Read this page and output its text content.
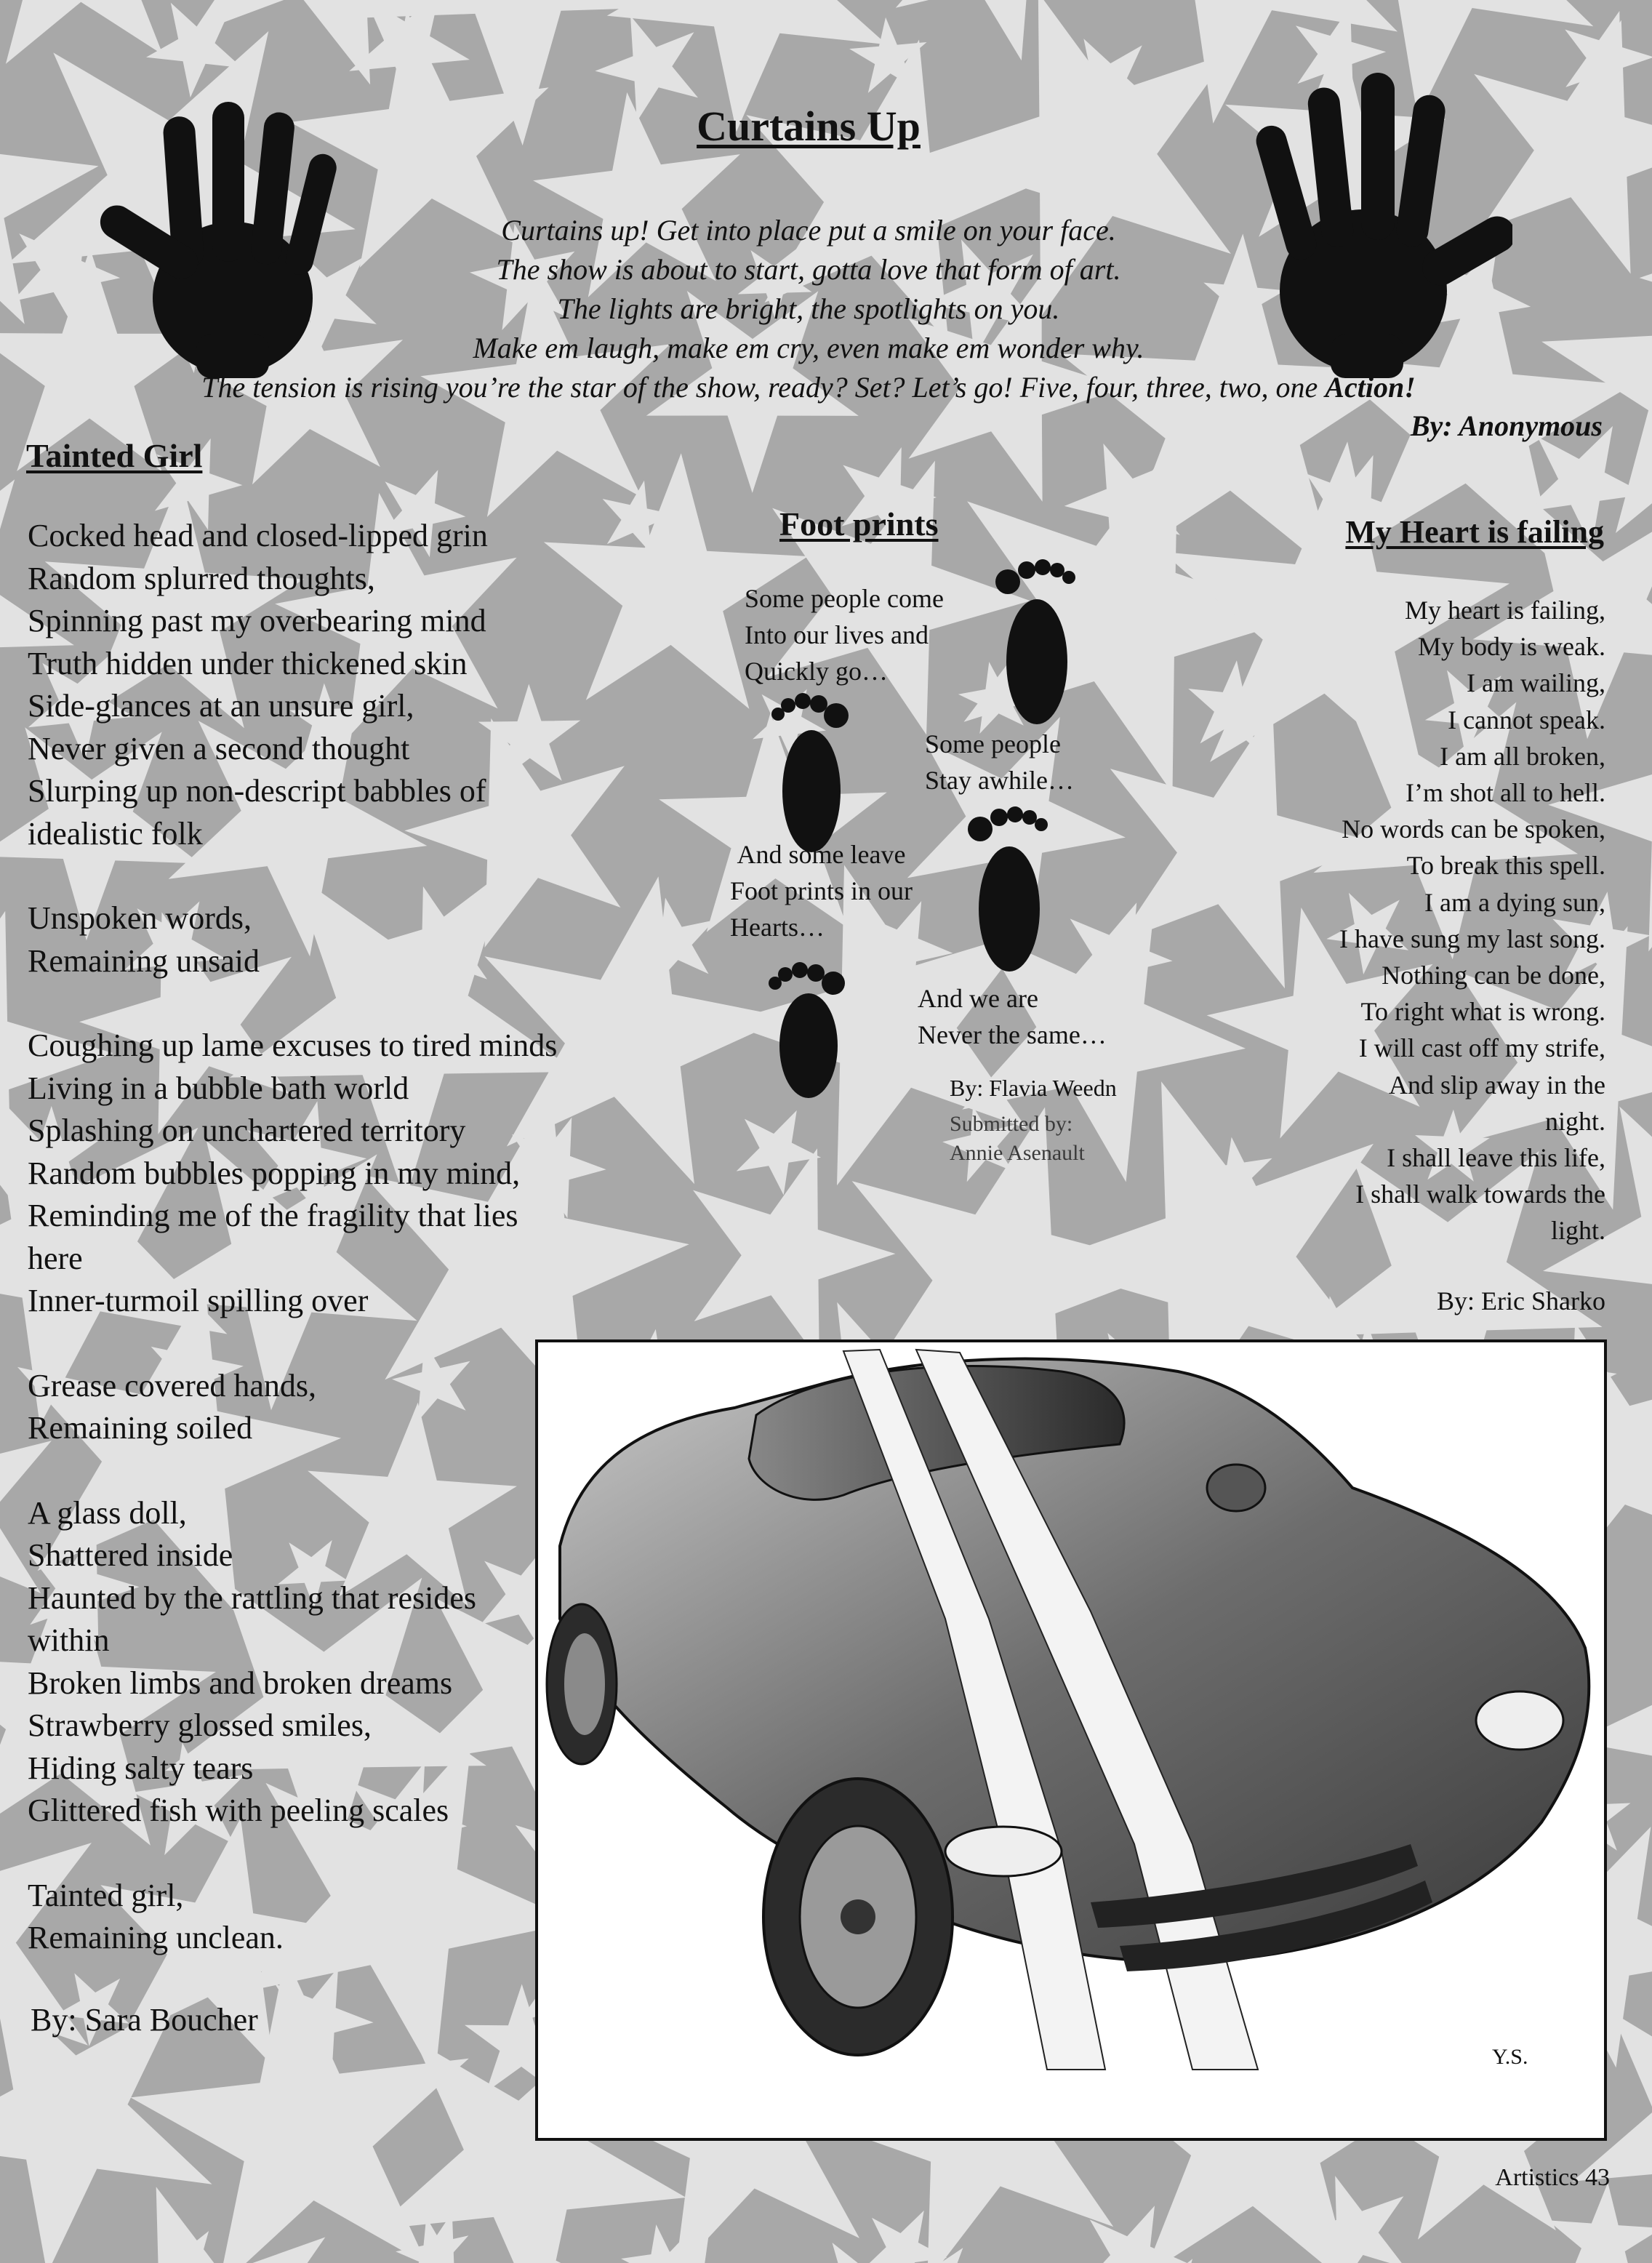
Curtains Up
Curtains up! Get into place put a smile on your face.
The show is about to start, gotta love that form of art.
The lights are bright, the spotlights on you.
Make em laugh, make em cry, even make em wonder why.
The tension is rising you’re the star of the show, ready? Set? Let’s go! Five, four, three, two, one Action!
By: Anonymous
Tainted Girl
Cocked head and closed-lipped grin
Random splurred thoughts,
Spinning past my overbearing mind
Truth hidden under thickened skin
Side-glances at an unsure girl,
Never given a second thought
Slurping up non-descript babbles of
idealistic folk
Unspoken words,
Remaining unsaid
Coughing up lame excuses to tired minds
Living in a bubble bath world
Splashing on unchartered territory
Random bubbles popping in my mind,
Reminding me of the fragility that lies
here
Inner-turmoil spilling over
Grease covered hands,
Remaining soiled
A glass doll,
Shattered inside
Haunted by the rattling that resides
within
Broken limbs and broken dreams
Strawberry glossed smiles,
Hiding salty tears
Glittered fish with peeling scales
Tainted girl,
Remaining unclean.
By: Sara Boucher
Foot prints
Some people come
Into our lives and
Quickly go…
Some people
Stay awhile…
And some leave
Foot prints in our
Hearts…
And we are
Never the same…
By: Flavia Weedn
Submitted by:
Annie Asenault
My Heart is failing
My heart is failing,
My body is weak.
I am wailing,
I cannot speak.
I am all broken,
I’m shot all to hell.
No words can be spoken,
To break this spell.
I am a dying sun,
I have sung my last song.
Nothing can be done,
To right what is wrong.
I will cast off my strife,
And slip away in the
night.
I shall leave this life,
I shall walk towards the
light.
By: Eric Sharko
Y.S.
Artistics 43
